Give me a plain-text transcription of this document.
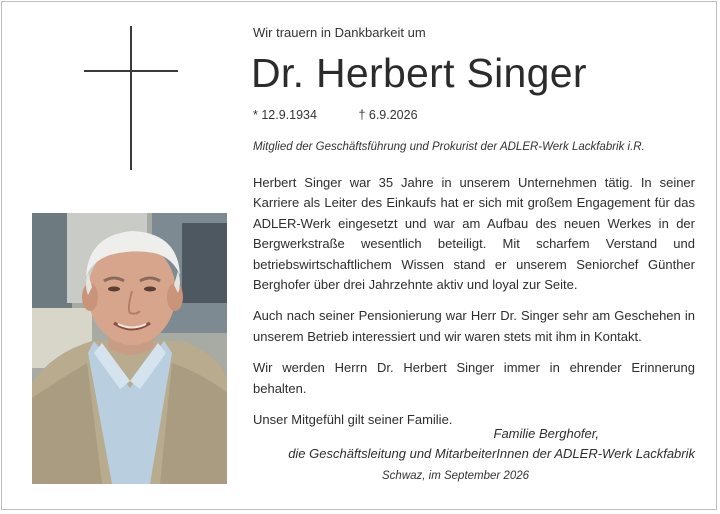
Wir trauern in Dankbarkeit um
Dr. Herbert Singer
* 12.9.1934	† 6.9.2026
Mitglied der Geschäftsführung und Prokurist der ADLER-Werk Lackfabrik i.R.

Herbert Singer war 35 Jahre in unserem Unternehmen tätig. In seiner Karriere als Leiter des Einkaufs hat er sich mit großem Engagement für das ADLER-Werk eingesetzt und war am Aufbau des neuen Werkes in der Bergwerkstraße wesentlich beteiligt. Mit scharfem Verstand und betriebswirtschaftlichem Wissen stand er unserem Seniorchef Günther Berghofer über drei Jahrzehnte aktiv und loyal zur Seite.

Auch nach seiner Pensionierung war Herr Dr. Singer sehr am Geschehen in unserem Betrieb interessiert und wir waren stets mit ihm in Kontakt.

Wir werden Herrn Dr. Herbert Singer immer in ehrender Erinnerung behalten.

Unser Mitgefühl gilt seiner Familie.

Familie Berghofer,
die Geschäftsleitung und MitarbeiterInnen der ADLER-Werk Lackfabrik
Schwaz, im September 2026
